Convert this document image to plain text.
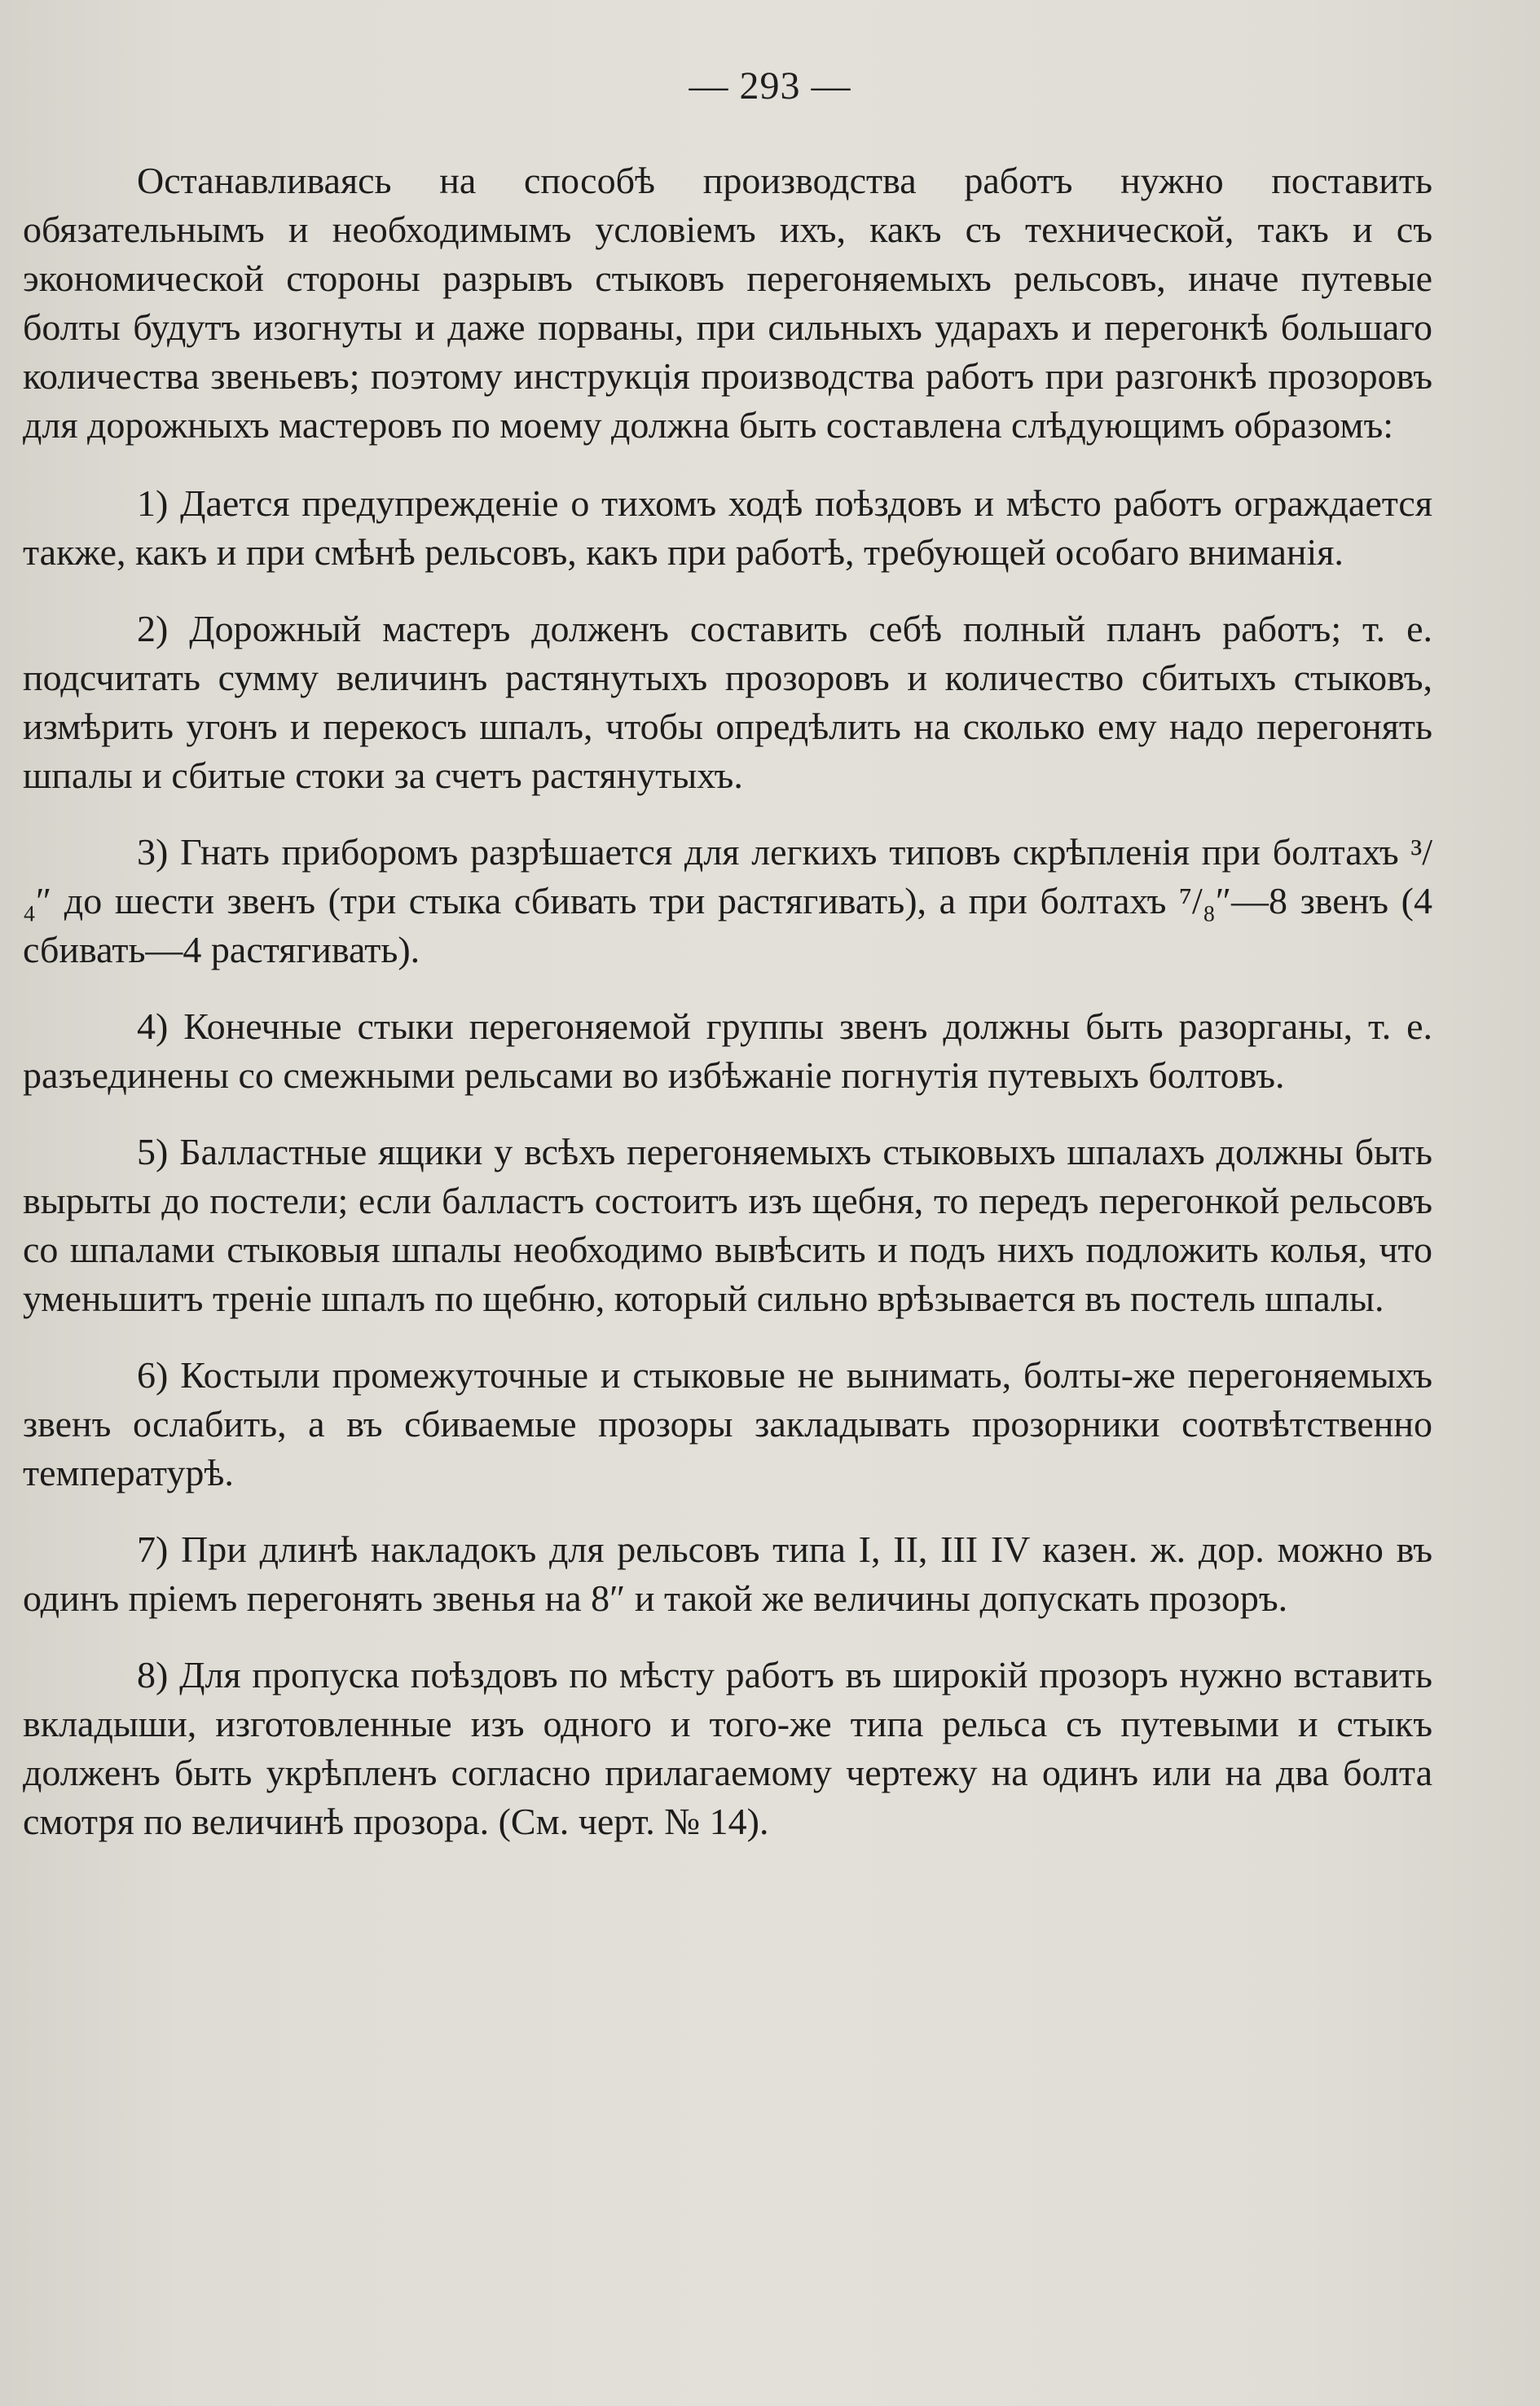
— 293 —

Останавливаясь на способѣ производства работъ нужно поставить обязательнымъ и необходимымъ условіемъ ихъ, какъ съ технической, такъ и съ экономической стороны разрывъ стыковъ перегоняемыхъ рельсовъ, иначе путевые болты будутъ изогнуты и даже порваны, при сильныхъ ударахъ и перегонкѣ большаго количества звеньевъ; поэтому инструкція производства работъ при разгонкѣ прозоровъ для дорожныхъ мастеровъ по моему должна быть составлена слѣдующимъ образомъ:

1) Дается предупрежденіе о тихомъ ходѣ поѣздовъ и мѣсто работъ ограждается также, какъ и при смѣнѣ рельсовъ, какъ при работѣ, требующей особаго вниманія.

2) Дорожный мастеръ долженъ составить себѣ полный планъ работъ; т. е. подсчитать сумму величинъ растянутыхъ прозоровъ и количество сбитыхъ стыковъ, измѣрить угонъ и перекосъ шпалъ, чтобы опредѣлить на сколько ему надо перегонять шпалы и сбитые стоки за счетъ растянутыхъ.

3) Гнать приборомъ разрѣшается для легкихъ типовъ скрѣпленія при болтахъ ³/₄″ до шести звенъ (три стыка сбивать три растягивать), а при болтахъ ⁷/₈″—8 звенъ (4 сбивать—4 растягивать).

4) Конечные стыки перегоняемой группы звенъ должны быть разорганы, т. е. разъединены со смежными рельсами во избѣжаніе погнутія путевыхъ болтовъ.

5) Балластные ящики у всѣхъ перегоняемыхъ стыковыхъ шпалахъ должны быть вырыты до постели; если балластъ состоитъ изъ щебня, то передъ перегонкой рельсовъ со шпалами стыковыя шпалы необходимо вывѣсить и подъ нихъ подложить колья, что уменьшитъ треніе шпалъ по щебню, который сильно врѣзывается въ постель шпалы.

6) Костыли промежуточные и стыковые не вынимать, болты-же перегоняемыхъ звенъ ослабить, а въ сбиваемые прозоры закладывать прозорники соотвѣтственно температурѣ.

7) При длинѣ накладокъ для рельсовъ типа I, II, III IV казен. ж. дор. можно въ одинъ пріемъ перегонять звенья на 8″ и такой же величины допускать прозоръ.

8) Для пропуска поѣздовъ по мѣсту работъ въ широкій прозоръ нужно вставить вкладыши, изготовленные изъ одного и того-же типа рельса съ путевыми и стыкъ долженъ быть укрѣпленъ согласно прилагаемому чертежу на одинъ или на два болта смотря по величинѣ прозора. (См. черт. № 14).
